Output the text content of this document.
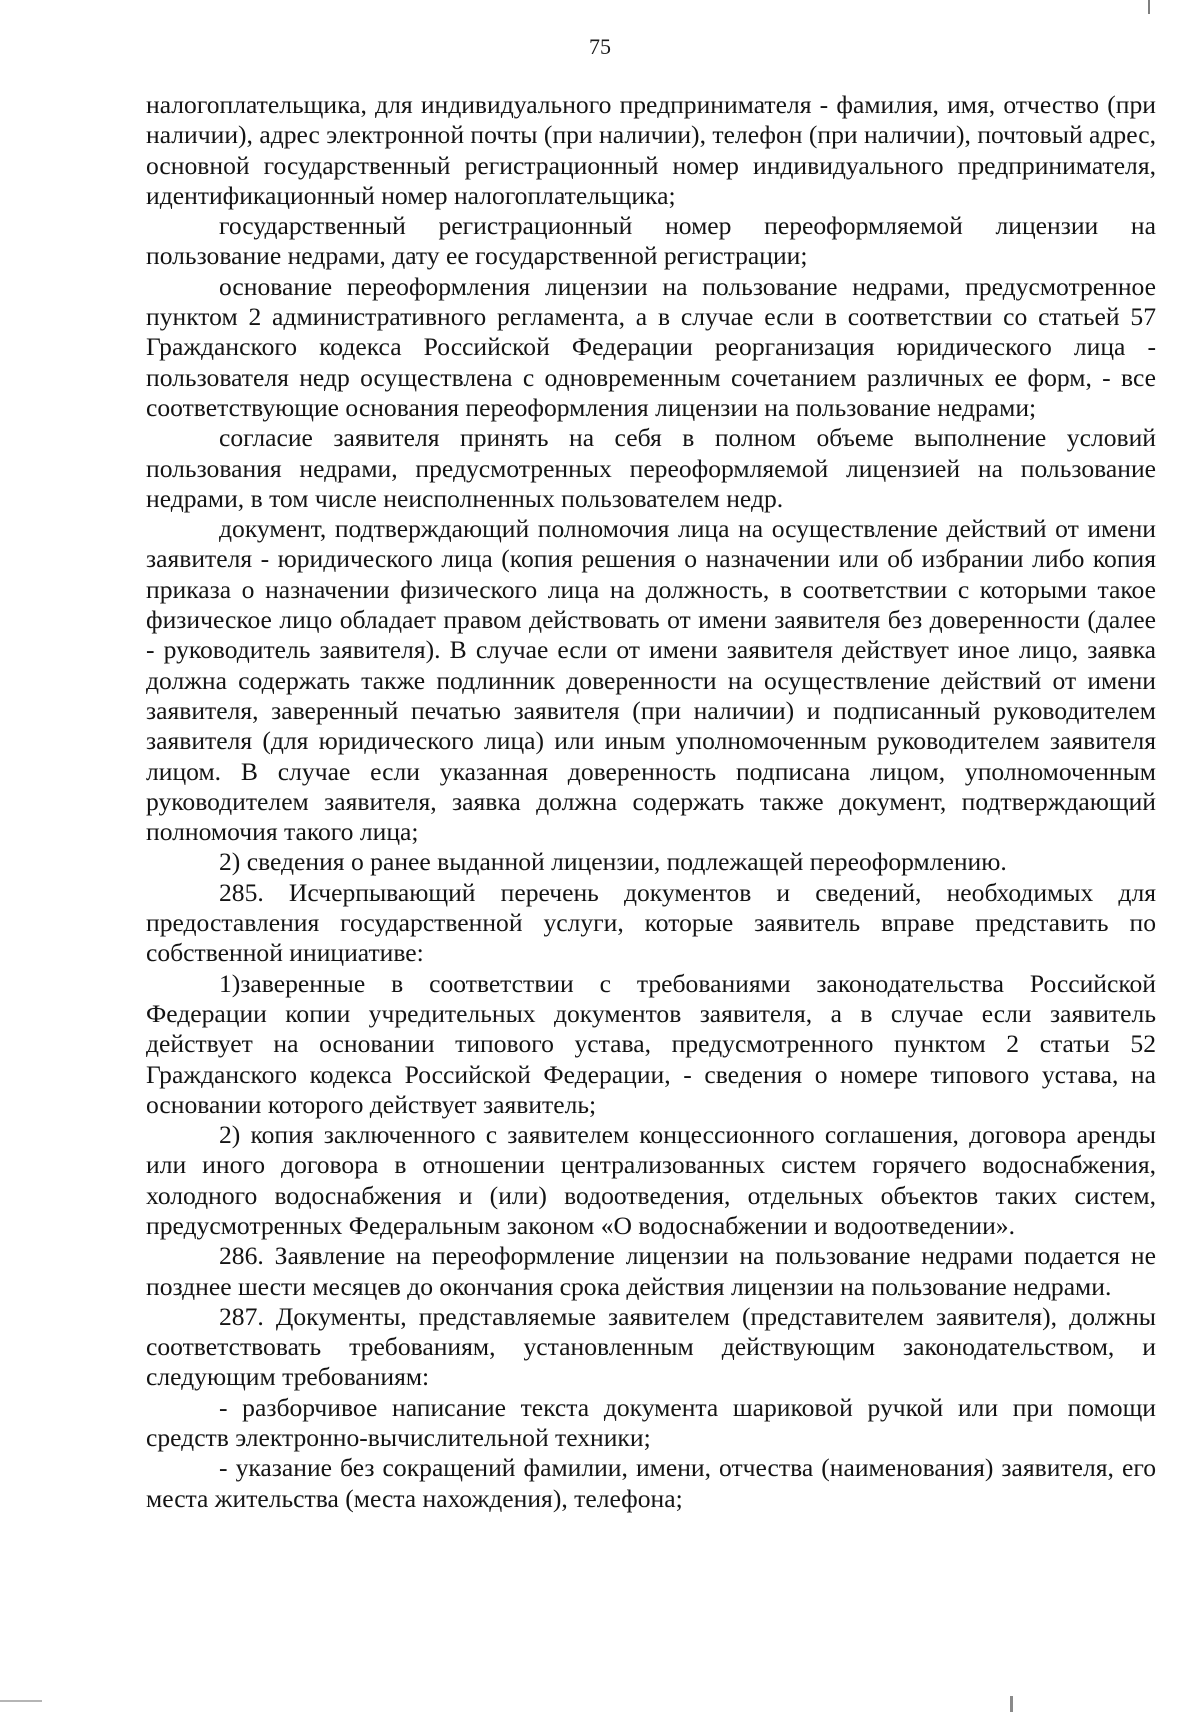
75

налогоплательщика, для индивидуального предпринимателя - фамилия, имя, отчество (при наличии), адрес электронной почты (при наличии), телефон (при наличии), почтовый адрес, основной государственный регистрационный номер индивидуального предпринимателя, идентификационный номер налогоплательщика;

государственный регистрационный номер переоформляемой лицензии на пользование недрами, дату ее государственной регистрации;

основание переоформления лицензии на пользование недрами, предусмотренное пунктом 2 административного регламента, а в случае если в соответствии со статьей 57 Гражданского кодекса Российской Федерации реорганизация юридического лица - пользователя недр осуществлена с одновременным сочетанием различных ее форм, - все соответствующие основания переоформления лицензии на пользование недрами;

согласие заявителя принять на себя в полном объеме выполнение условий пользования недрами, предусмотренных переоформляемой лицензией на пользование недрами, в том числе неисполненных пользователем недр.

документ, подтверждающий полномочия лица на осуществление действий от имени заявителя - юридического лица (копия решения о назначении или об избрании либо копия приказа о назначении физического лица на должность, в соответствии с которыми такое физическое лицо обладает правом действовать от имени заявителя без доверенности (далее - руководитель заявителя). В случае если от имени заявителя действует иное лицо, заявка должна содержать также подлинник доверенности на осуществление действий от имени заявителя, заверенный печатью заявителя (при наличии) и подписанный руководителем заявителя (для юридического лица) или иным уполномоченным руководителем заявителя лицом. В случае если указанная доверенность подписана лицом, уполномоченным руководителем заявителя, заявка должна содержать также документ, подтверждающий полномочия такого лица;

2) сведения о ранее выданной лицензии, подлежащей переоформлению.

285. Исчерпывающий перечень документов и сведений, необходимых для предоставления государственной услуги, которые заявитель вправе представить по собственной инициативе:

1)заверенные в соответствии с требованиями законодательства Российской Федерации копии учредительных документов заявителя, а в случае если заявитель действует на основании типового устава, предусмотренного пунктом 2 статьи 52 Гражданского кодекса Российской Федерации, - сведения о номере типового устава, на основании которого действует заявитель;

2) копия заключенного с заявителем концессионного соглашения, договора аренды или иного договора в отношении централизованных систем горячего водоснабжения, холодного водоснабжения и (или) водоотведения, отдельных объектов таких систем, предусмотренных Федеральным законом «О водоснабжении и водоотведении».

286. Заявление на переоформление лицензии на пользование недрами подается не позднее шести месяцев до окончания срока действия лицензии на пользование недрами.

287. Документы, представляемые заявителем (представителем заявителя), должны соответствовать требованиям, установленным действующим законодательством, и следующим требованиям:

- разборчивое написание текста документа шариковой ручкой или при помощи средств электронно-вычислительной техники;

- указание без сокращений фамилии, имени, отчества (наименования) заявителя, его места жительства (места нахождения), телефона;
